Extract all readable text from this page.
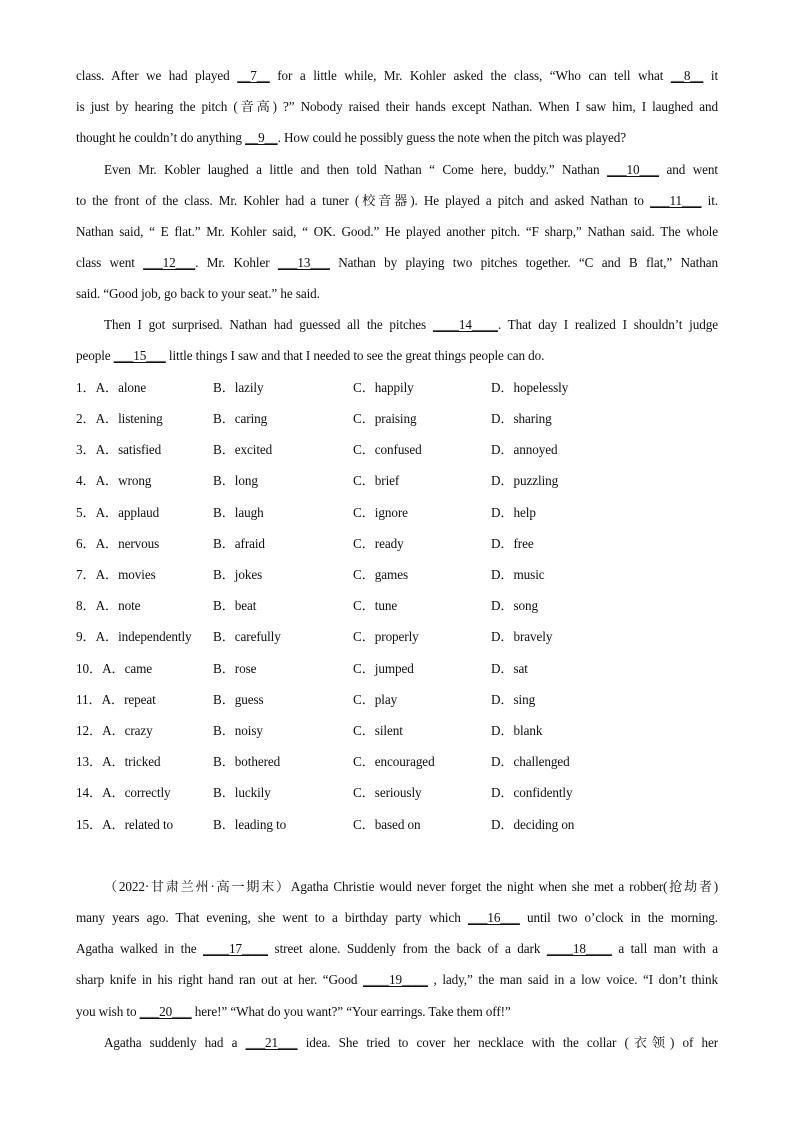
class. After we had played __7__ for a little while, Mr. Kohler asked the class, “Who can tell what __8__ it
is just by hearing the pitch (音高) ?” Nobody raised their hands except Nathan. When I saw him, I laughed and
thought he couldn’t do anything __9__. How could he possibly guess the note when the pitch was played?
Even Mr. Kobler laughed a little and then told Nathan “ Come here, buddy.” Nathan ___10___ and went
to the front of the class. Mr. Kohler had a tuner (校音器). He played a pitch and asked Nathan to ___11___ it.
Nathan said, “ E flat.” Mr. Kohler said, “ OK. Good.” He played another pitch. “F sharp,” Nathan said. The whole
class went ___12___. Mr. Kohler ___13___ Nathan by playing two pitches together. “C and B flat,” Nathan
said. “Good job, go back to your seat.” he said.
Then I got surprised. Nathan had guessed all the pitches ____14____. That day I realized I shouldn’t judge
people ___15___ little things I saw and that I needed to see the great things people can do.
1．A．alone	B．lazily	C．happily	D．hopelessly
2．A．listening	B．caring	C．praising	D．sharing
3．A．satisfied	B．excited	C．confused	D．annoyed
4．A．wrong	B．long	C．brief	D．puzzling
5．A．applaud	B．laugh	C．ignore	D．help
6．A．nervous	B．afraid	C．ready	D．free
7．A．movies	B．jokes	C．games	D．music
8．A．note	B．beat	C．tune	D．song
9．A．independently B．carefully	C．properly	D．bravely
10．A．came	B．rose	C．jumped	D．sat
11．A．repeat	B．guess	C．play	D．sing
12．A．crazy	B．noisy	C．silent	D．blank
13．A．tricked	B．bothered	C．encouraged	D．challenged
14．A．correctly	B．luckily	C．seriously	D．confidently
15．A．related to	B．leading to	C．based on	D．deciding on
（2022·甘肃兰州·高一期末）Agatha Christie would never forget the night when she met a robber(抢劫者)
many years ago. That evening, she went to a birthday party which ___16___ until two o’clock in the morning.
Agatha walked in the ____17____ street alone. Suddenly from the back of a dark ____18____ a tall man with a
sharp knife in his right hand ran out at her. “Good ____19____ , lady,” the man said in a low voice. “I don’t think
you wish to ___20___ here!” “What do you want?” “Your earrings. Take them off!”
Agatha suddenly had a ___21___ idea. She tried to cover her necklace with the collar (衣领) of her
